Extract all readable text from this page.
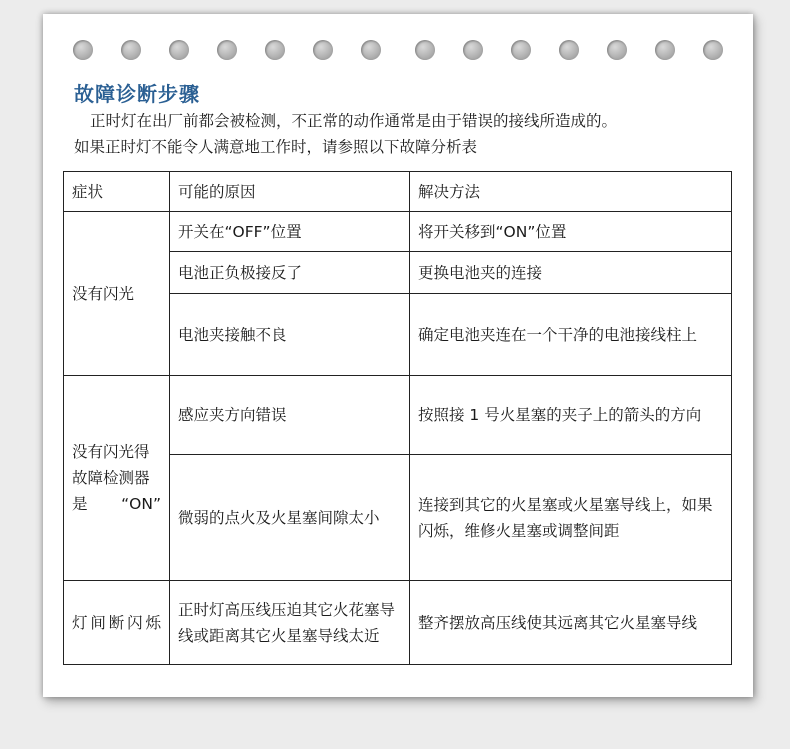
故障诊断步骤
正时灯在出厂前都会被检测，不正常的动作通常是由于错误的接线所造成的。
如果正时灯不能令人满意地工作时，请参照以下故障分析表
症状	可能的原因	解决方法
没有闪光	开关在“OFF”位置	将开关移到“ON”位置
	电池正负极接反了	更换电池夹的连接
	电池夹接触不良	确定电池夹连在一个干净的电池接线柱上
没有闪光得故障检测器是“ON”	感应夹方向错误	按照接 1 号火星塞的夹子上的箭头的方向
	微弱的点火及火星塞间隙太小	连接到其它的火星塞或火星塞导线上，如果闪烁，维修火星塞或调整间距
灯间断闪烁	正时灯高压线压迫其它火花塞导线或距离其它火星塞导线太近	整齐摆放高压线使其远离其它火星塞导线
